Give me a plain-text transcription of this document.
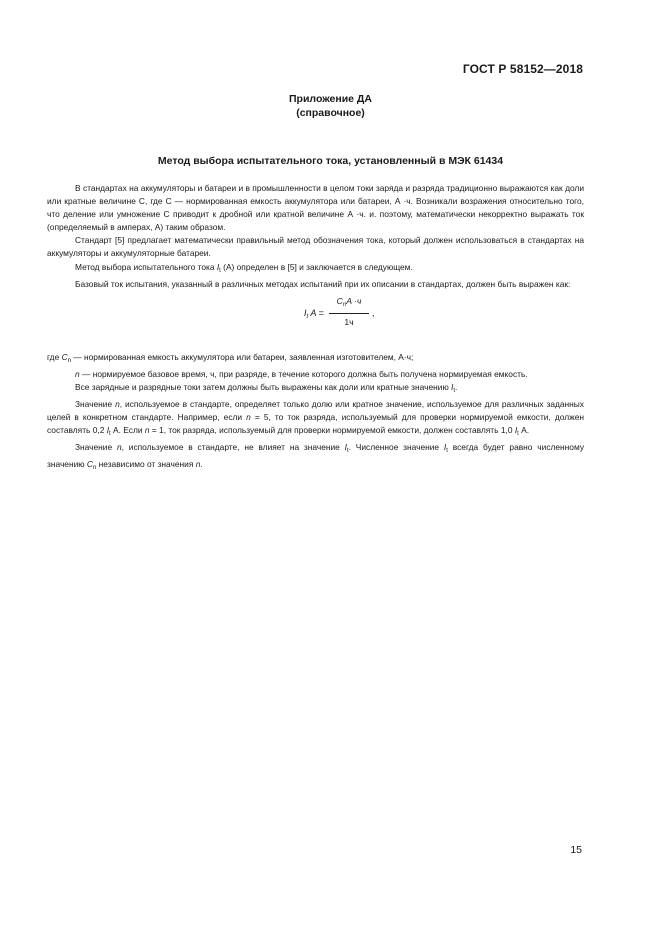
ГОСТ Р 58152—2018
Приложение ДА
(справочное)
Метод выбора испытательного тока, установленный в МЭК 61434

В стандартах на аккумуляторы и батареи и в промышленности в целом токи заряда и разряда традиционно выражаются как доли или кратные величине С, где С — нормированная емкость аккумулятора или батареи, А ·ч. Возникали возражения относительно того, что деление или умножение С приводит к дробной или кратной величине А ·ч. и. поэтому, математически некорректно выражать ток (определяемый в амперах, А) таким образом.

Стандарт [5] предлагает математически правильный метод обозначения тока, который должен использоваться в стандартах на аккумуляторы и аккумуляторные батареи.

Метод выбора испытательного тока $I_t$ (А) определен в [5] и заключается в следующем.

Базовый ток испытания, указанный в различных методах испытаний при их описании в стандартах, должен быть выражен как:

$I_t$ A =
$C_nA \cdot ч$
1ч
,

где $C_n$ — нормированная емкость аккумулятора или батареи, заявленная изготовителем, А·ч;

n — нормируемое базовое время, ч, при разряде, в течение которого должна быть получена нормируемая емкость.

Все зарядные и разрядные токи затем должны быть выражены как доли или кратные значению $I_t$.

Значение n, используемое в стандарте, определяет только долю или кратное значение, используемое для различных заданных целей в конкретном стандарте. Например, если n = 5, то ток разряда, используемый для проверки нормируемой емкости, должен составлять 0,2 $I_t$ А. Если n = 1, ток разряда, используемый для проверки нормируемой емкости, должен составлять 1,0 $I_t$ А.

Значение n, используемое в стандарте, не влияет на значение $I_t$. Численное значение $I_t$ всегда будет равно численному значению $C_n$ независимо от значения n.

15
